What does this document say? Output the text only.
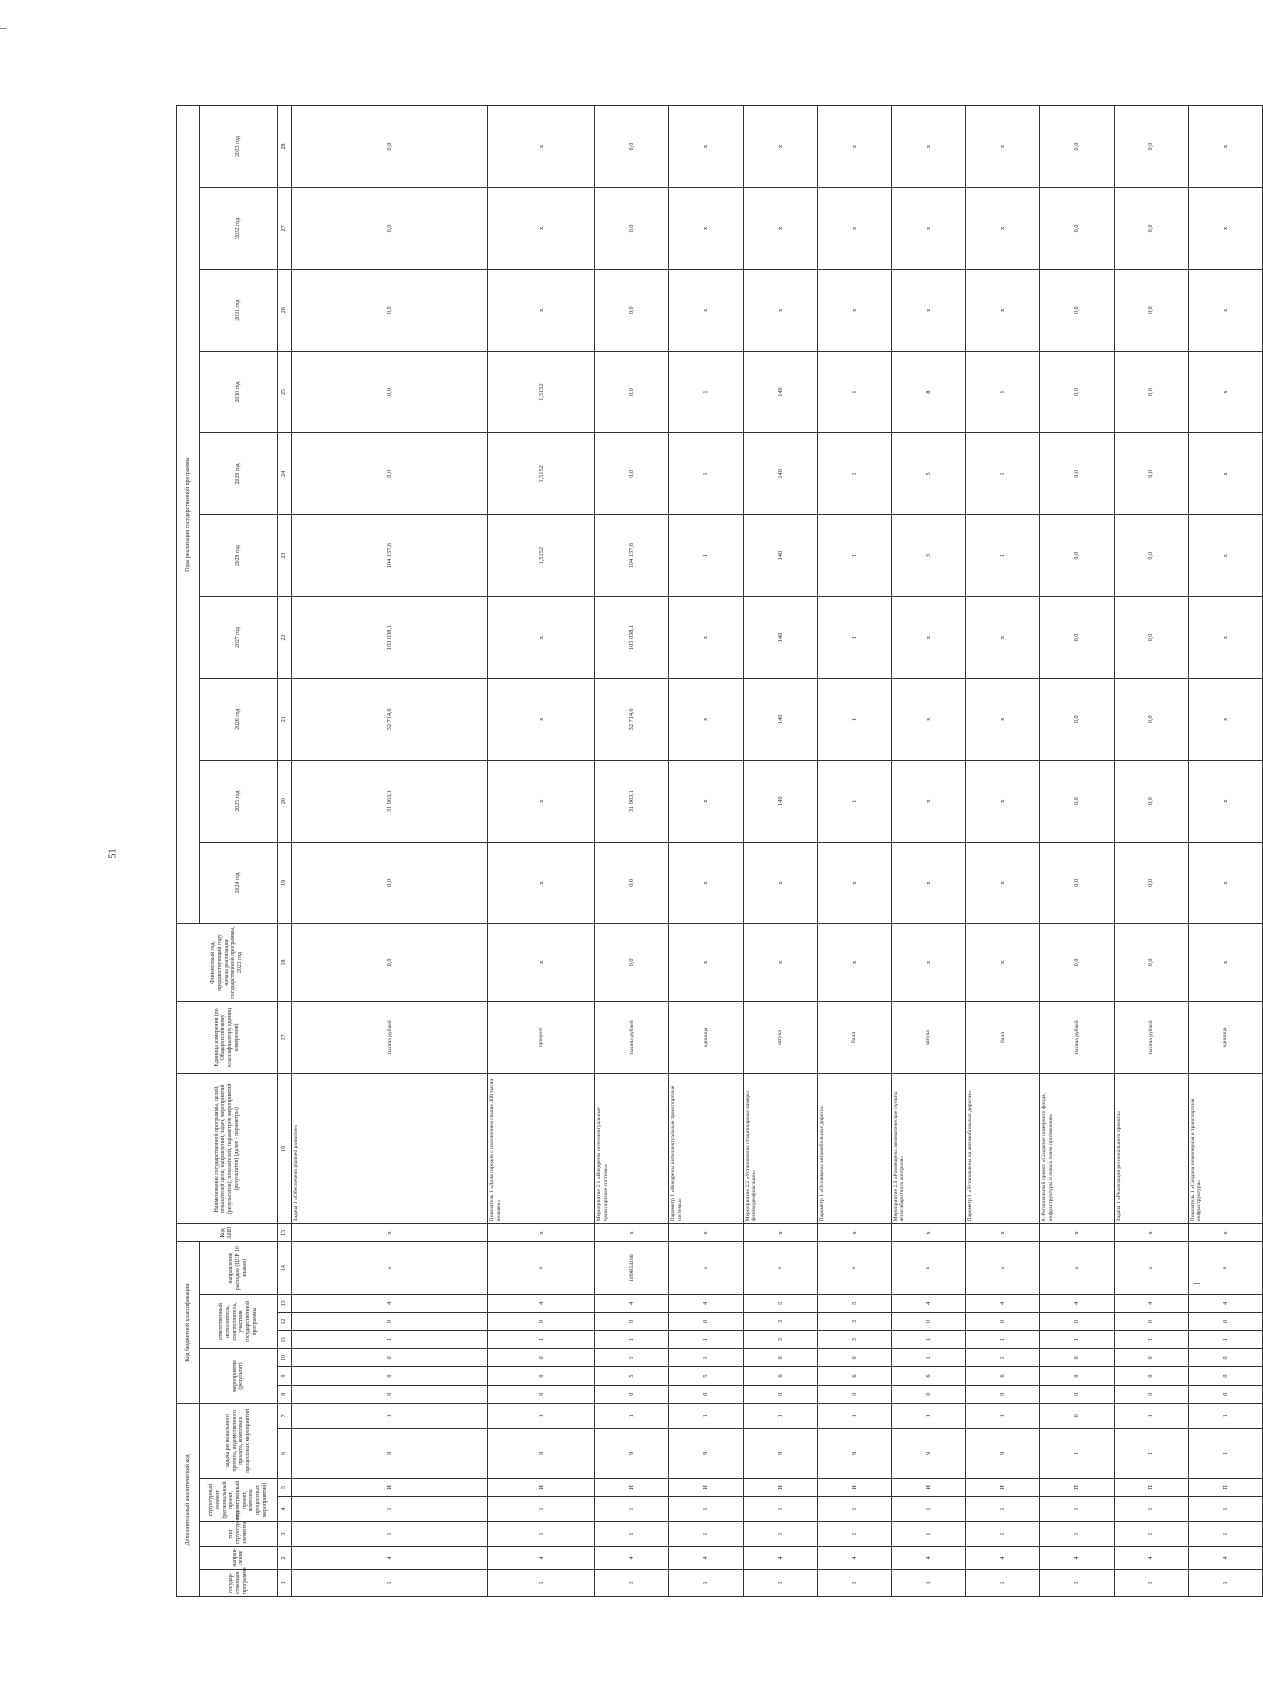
51
Дополнительный аналитический код							Код бюджетной классификации							Код АИП	Наименование государственной программы, целей, показателей цели, направлений, задач, мероприятий (результатов), показателей, параметров мероприятий (результатов) (далее - параметры)	Единица измерения (по Общероссийскому классификатору единиц измерения)	Финансовый год, предшествующий году начала реализации государственной программы, 2023 год	Годы реализации государственной программы									
государ-ственная программа	направ-ление	тип структурного элемента	структурный элемент (региональный проект, ведомственный проект, комплекс процессных мероприятий)		задача регионального проекта, ведомственного проекта, комплекса процессных мероприятий		мероприятие (результат)			ответственный исполнитель, соисполнитель, участник государственной программы			направление расходов (ЦСР 10 знаков)					2024 год	2025 год	2026 год	2027 год	2028 год	2029 год	2030 год	2031 год	2032 год	2033 год
1	2	3	4	5	6	7	8	9	10	11	12	13	14	15	16	17	18	19	20	21	22	23	24	25	26	27	28
1	4	1	1	И	9	1	0	0	0	1	0	4	x	x	Задача 1 «Обеспечено planned развитие»	тысяча рублей	0,0	0,0	31 963,1	32 714,6	103 038,1	104 137,6	0,0	0,0	0,0	0,0	0,0
1	4	1	1	И	9	1	0	0	0	1	0	4	x	x	Показатель 1 «Доля городов с населением свыше 300 тысяч человек»	процент	x	x	x	x	x	1,5152	1,5152	1,5152	x	x	x
1	4	1	1	И	9	1	0	5	1	1	0	4	1И9R54180	x	Мероприятие 2.1 «Внедрены интеллектуальные транспортные системы»	тысяча рублей	0,0	0,0	31 963,1	32 714,6	103 038,1	104 137,6	0,0	0,0	0,0	0,0	0,0
1	4	1	1	И	9	1	0	5	1	1	0	4	x	x	Параметр 1 «Внедрены интеллектуальные транспортные системы»	единица	x	x	x	x	x	1	1	1	x	x	x
1	4	1	1	И	9	1	0	6	0	3	3	5	x	x	Мероприятие 2.2 «Установлены стационарные камеры фотовидеофиксации»	штука	x	x	140	140	140	140	140	140	x	x	x
1	4	1	1	И	9	1	0	6	0	3	3	5	x	x	Параметр 1 «Оснащены автомобильные дороги»	балл	x	x	1	1	1	1	1	1	x	x	x
1	4	1	1	И	9	1	0	6	1	1	0	4	x	x	Мероприятие 2.3 «Размещены автоматические пункты весогабаритного контроля»	штука	x	x	x	x	x	3	5	8	x	x	x
1	4	1	1	И	9	1	0	6	1	1	0	4	x	x	Параметр 1 «Установлены на автомобильных дорогах»	балл	x	x	x	x	x	1	1	1	x	x	x
1	4	1	1	П	1	0	0	0	0	1	0	4	x	x	8. Региональный проект «Создание номерного фонда, инфраструктуры и новых точек притяжения»	тысяча рублей	0,0	0,0	0,0	0,0	0,0	0,0	0,0	0,0	0,0	0,0	0,0
1	4	1	1	П	1	1	0	0	0	1	0	4	x	x	Задача 1 «Реализация регионального проекта»	тысяча рублей	0,0	0,0	0,0	0,0	0,0	0,0	0,0	0,0	0,0	0,0	0,0
1	4	1	1	П	1	1	0	0	0	1	0	4	x	x	Показатель 1 «Создана инженерная и транспортная инфраструктура»	единица	x	x	x	x	x	x	x	x	x	x	x
